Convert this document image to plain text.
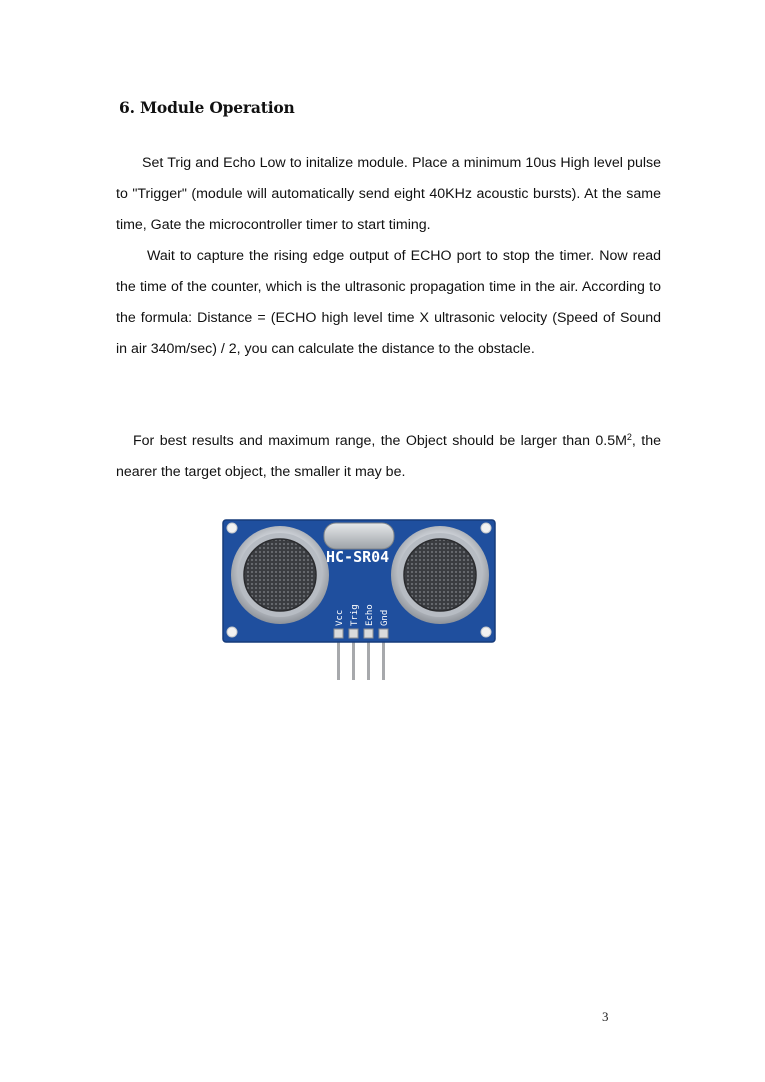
6. Module Operation

Set Trig and Echo Low to initalize module. Place a minimum 10us High level pulse to "Trigger" (module will automatically send eight 40KHz acoustic bursts). At the same time, Gate the microcontroller timer to start timing.

Wait to capture the rising edge output of ECHO port to stop the timer. Now read the time of the counter, which is the ultrasonic propagation time in the air. According to the formula: Distance = (ECHO high level time X ultrasonic velocity (Speed of Sound in air 340m/sec) / 2, you can calculate the distance to the obstacle.

For best results and maximum range, the Object should be larger than $0.5M^2$, the nearer the target object, the smaller it may be.

HC-SR04
Vcc Trig Echo Gnd
3
